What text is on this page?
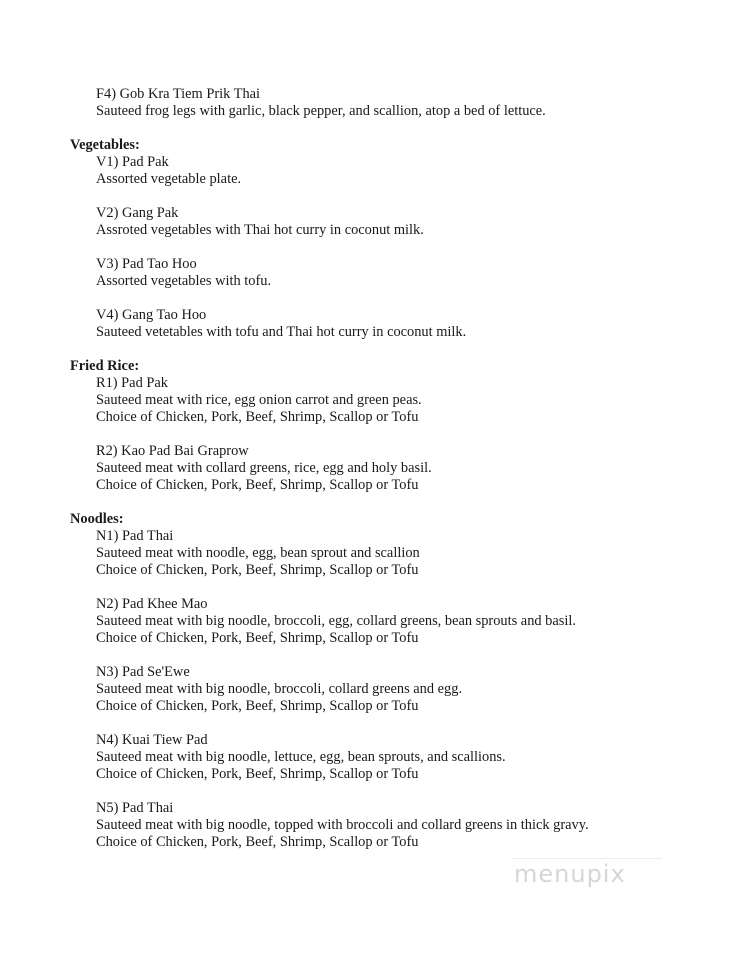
F4) Gob Kra Tiem Prik Thai
Sauteed frog legs with garlic, black pepper, and scallion, atop a bed of lettuce.
Vegetables:
V1) Pad Pak
Assorted vegetable plate.
V2) Gang Pak
Assroted vegetables with Thai hot curry in coconut milk.
V3) Pad Tao Hoo
Assorted vegetables with tofu.
V4) Gang Tao Hoo
Sauteed vetetables with tofu and Thai hot curry in coconut milk.
Fried Rice:
R1) Pad Pak
Sauteed meat with rice, egg onion carrot and green peas.
Choice of Chicken, Pork, Beef, Shrimp, Scallop or Tofu
R2) Kao Pad Bai Graprow
Sauteed meat with collard greens, rice, egg and holy basil.
Choice of Chicken, Pork, Beef, Shrimp, Scallop or Tofu
Noodles:
N1) Pad Thai
Sauteed meat with noodle, egg, bean sprout and scallion
Choice of Chicken, Pork, Beef, Shrimp, Scallop or Tofu
N2) Pad Khee Mao
Sauteed meat with big noodle, broccoli, egg, collard greens, bean sprouts and basil.
Choice of Chicken, Pork, Beef, Shrimp, Scallop or Tofu
N3) Pad Se'Ewe
Sauteed meat with big noodle, broccoli, collard greens and egg.
Choice of Chicken, Pork, Beef, Shrimp, Scallop or Tofu
N4) Kuai Tiew Pad
Sauteed meat with big noodle, lettuce, egg, bean sprouts, and scallions.
Choice of Chicken, Pork, Beef, Shrimp, Scallop or Tofu
N5) Pad Thai
Sauteed meat with big noodle, topped with broccoli and collard greens in thick gravy.
Choice of Chicken, Pork, Beef, Shrimp, Scallop or Tofu
menupix
